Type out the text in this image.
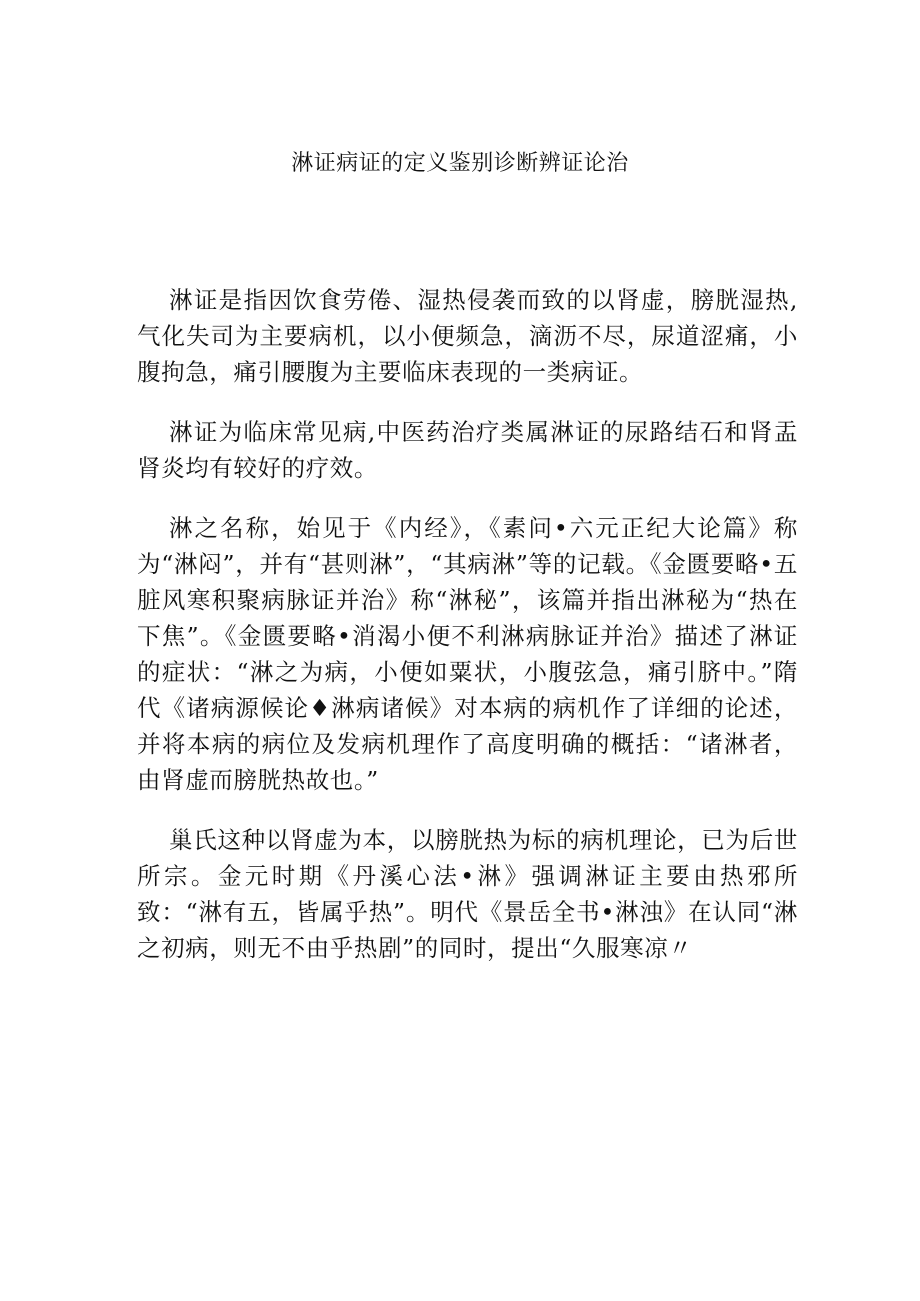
淋证病证的定义鉴别诊断辨证论治

淋证是指因饮食劳倦、湿热侵袭而致的以肾虚，膀胱湿热,气化失司为主要病机，以小便频急，滴沥不尽，尿道涩痛，小腹拘急，痛引腰腹为主要临床表现的一类病证。

淋证为临床常见病,中医药治疗类属淋证的尿路结石和肾盂肾炎均有较好的疗效。

淋之名称，始见于《内经》，《素问•六元正纪大论篇》称为“淋闷”，并有“甚则淋”，“其病淋”等的记载。《金匮要略•五脏风寒积聚病脉证并治》称“淋秘”，该篇并指出淋秘为“热在下焦”。《金匮要略•消渴小便不利淋病脉证并治》描述了淋证的症状：“淋之为病，小便如粟状，小腹弦急，痛引脐中。”隋代《诸病源候论♦淋病诸候》对本病的病机作了详细的论述，并将本病的病位及发病机理作了高度明确的概括：“诸淋者，由肾虚而膀胱热故也。”

巢氏这种以肾虚为本，以膀胱热为标的病机理论，已为后世所宗。金元时期《丹溪心法•淋》强调淋证主要由热邪所致：“淋有五，皆属乎热”。明代《景岳全书•淋浊》在认同“淋之初病，则无不由乎热剧”的同时，提出“久服寒凉〃
